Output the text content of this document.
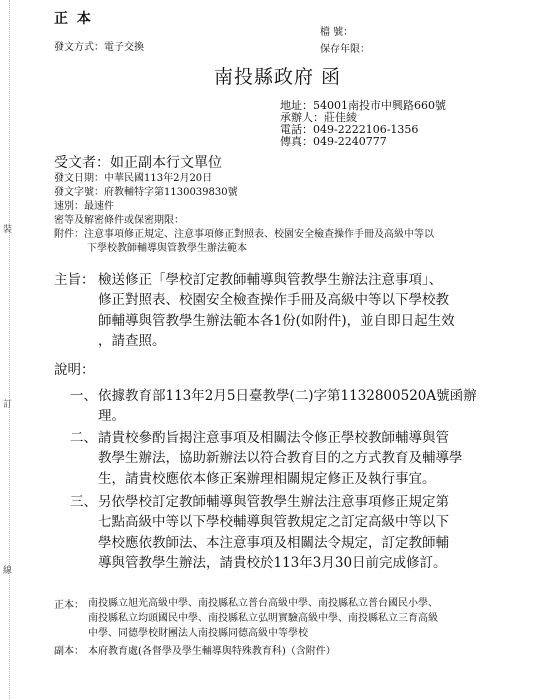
裝
訂
線
正 本
發文方式：電子交換
檔 號：
保存年限：
南投縣政府 函
地址：54001南投市中興路660號
承辦人：莊佳綾
電話：049-2222106-1356
傳真：049-2240777
受文者：如正副本行文單位
發文日期：中華民國113年2月20日
發文字號：府教輔特字第1130039830號
速別：最速件
密等及解密條件或保密期限：
附件：注意事項修正規定、注意事項修正對照表、校園安全檢查操作手冊及高級中等以
下學校教師輔導與管教學生辦法範本
主旨： 檢送修正「學校訂定教師輔導與管教學生辦法注意事項」、
修正對照表、校園安全檢查操作手冊及高級中等以下學校教
師輔導與管教學生辦法範本各1份(如附件)，並自即日起生效
，請查照。
說明：
一、 依據教育部113年2月5日臺教學(二)字第1132800520A號函辦
理。
二、 請貴校參酌旨揭注意事項及相關法令修正學校教師輔導與管
教學生辦法，協助新辦法以符合教育目的之方式教育及輔導學
生，請貴校應依本修正案辦理相關規定修正及執行事宜。
三、 另依學校訂定教師輔導與管教學生辦法注意事項修正規定第
七點高級中等以下學校輔導與管教規定之訂定高級中等以下
學校應依教師法、本注意事項及相關法令規定，訂定教師輔
導與管教學生辦法，請貴校於113年3月30日前完成修訂。
正本： 南投縣立旭光高級中學、南投縣私立普台高級中學、南投縣私立普台國民小學、
南投縣私立均頭國民中學、南投縣私立弘明實驗高級中學、南投縣私立三育高級
中學、同德學校財團法人南投縣同德高級中等學校
副本： 本府教育處(各督學及學生輔導與特殊教育科)（含附件）
